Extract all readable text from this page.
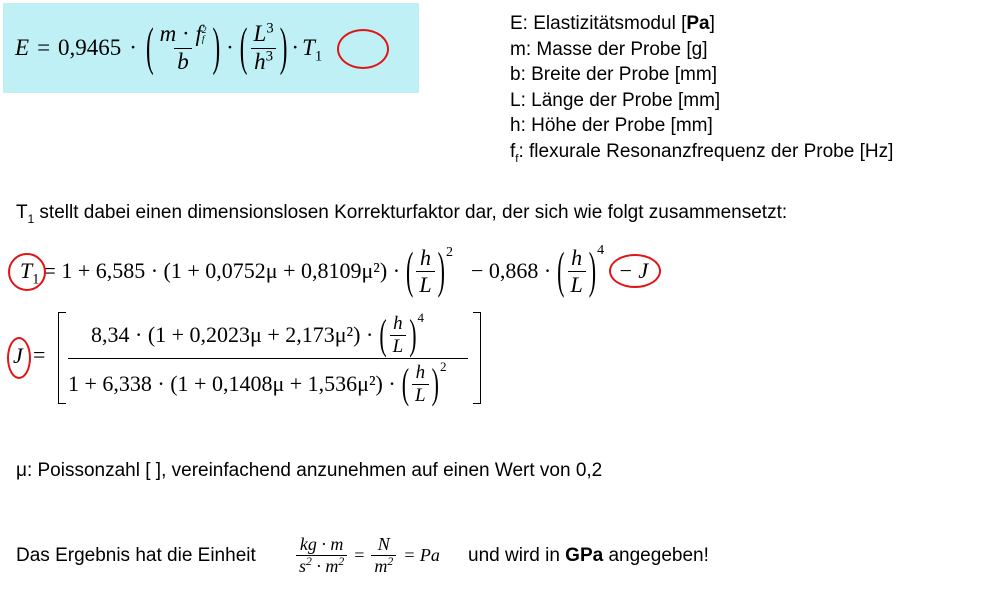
E = 0,9465 · ( m · f 2
f
b ) · ( $\frac{L^3}{h^3}$ ) · $T_1$
E: Elastizitätsmodul [Pa]
m: Masse der Probe [g]
b: Breite der Probe [mm]
L: Länge der Probe [mm]
h: Höhe der Probe [mm]
$f_f$: flexurale Resonanzfrequenz der Probe [Hz]
$T_1$ stellt dabei einen dimensionslosen Korrekturfaktor dar, der sich wie folgt zusammensetzt:
$T_1 = 1 + 6,585 \cdot (1 + 0,0752\mu + 0,8109\mu^2)$ · ( $\frac{h}{L} )^2$
− 0,868 · ( $\frac{h}{L} )^4$
− J
J =
8,34 · (1 + 0,2023μ + 2,173μ²) · ( $\frac{h}{L} )^4$
1 + 6,338 · (1 + 0,1408μ + 1,536μ²) · ( $\frac{h}{L} )^2$
μ: Poissonzahl [ ], vereinfachend anzunehmen auf einen Wert von 0,2
Das Ergebnis hat die Einheit $\frac{kg \cdot m}{s^2 \cdot m^2} = \frac{N}{m^2} = Pa$ und wird in GPa angegeben!
